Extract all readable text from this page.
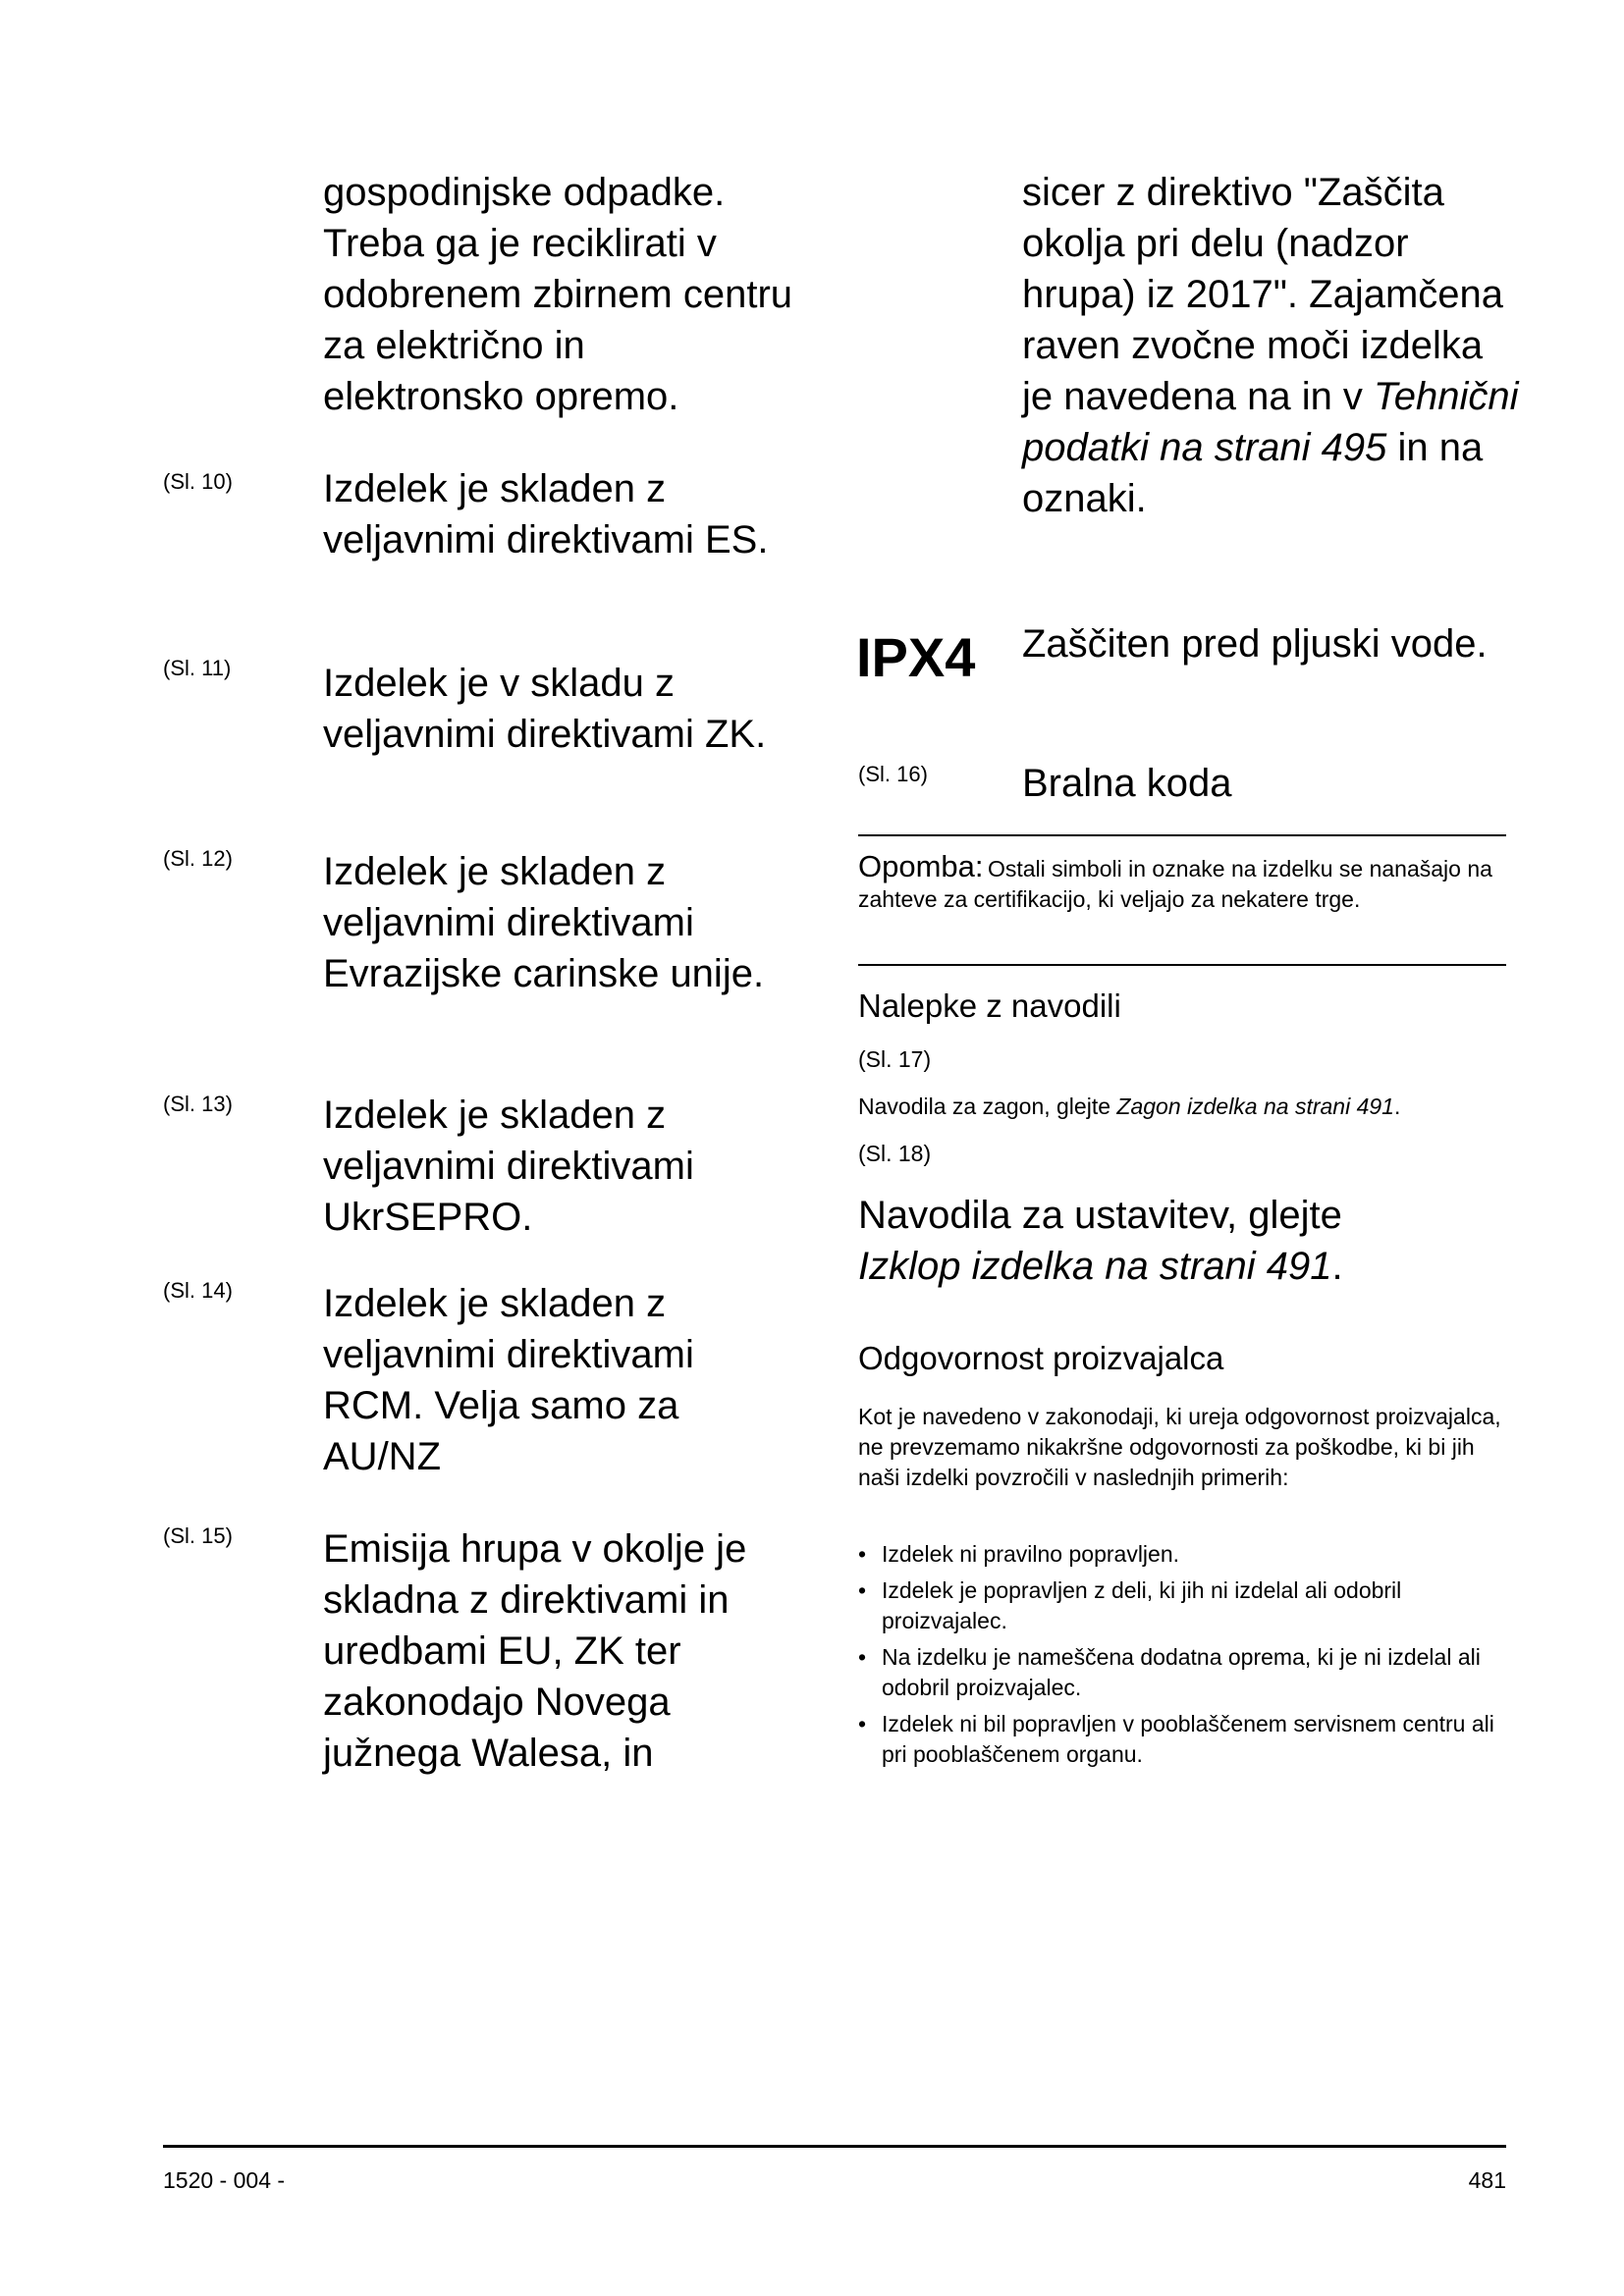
gospodinjske odpadke. Treba ga je reciklirati v odobrenem zbirnem centru za električno in elektronsko opremo.
(Sl. 10) Izdelek je skladen z veljavnimi direktivami ES.
(Sl. 11) Izdelek je v skladu z veljavnimi direktivami ZK.
(Sl. 12) Izdelek je skladen z veljavnimi direktivami Evrazijske carinske unije.
(Sl. 13) Izdelek je skladen z veljavnimi direktivami UkrSEPRO.
(Sl. 14) Izdelek je skladen z veljavnimi direktivami RCM. Velja samo za AU/NZ
(Sl. 15) Emisija hrupa v okolje je skladna z direktivami in uredbami EU, ZK ter zakonodajo Novega južnega Walesa, in
sicer z direktivo "Zaščita okolja pri delu (nadzor hrupa) iz 2017". Zajamčena raven zvočne moči izdelka je navedena na in v Tehnični podatki na strani 495 in na oznaki.
IPX4 Zaščiten pred pljuski vode.
(Sl. 16) Bralna koda
Opomba: Ostali simboli in oznake na izdelku se nanašajo na zahteve za certifikacijo, ki veljajo za nekatere trge.
Nalepke z navodili
(Sl. 17)
Navodila za zagon, glejte Zagon izdelka na strani 491.
(Sl. 18)
Navodila za ustavitev, glejte
Izklop izdelka na strani 491.
Odgovornost proizvajalca
Kot je navedeno v zakonodaji, ki ureja odgovornost proizvajalca, ne prevzemamo nikakršne odgovornosti za poškodbe, ki bi jih naši izdelki povzročili v naslednjih primerih:
• Izdelek ni pravilno popravljen.
• Izdelek je popravljen z deli, ki jih ni izdelal ali odobril proizvajalec.
• Na izdelku je nameščena dodatna oprema, ki je ni izdelal ali odobril proizvajalec.
• Izdelek ni bil popravljen v pooblaščenem servisnem centru ali pri pooblaščenem organu.
1520 - 004 -	481
